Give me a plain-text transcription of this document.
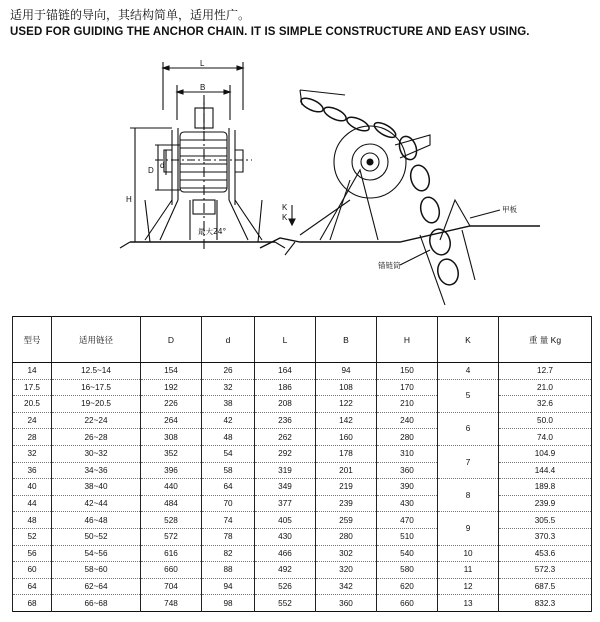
适用于锚链的导向，其结构简单，适用性广。
USED FOR GUIDING THE ANCHOR CHAIN. IT IS SIMPLE CONSTRUCTURE AND EASY USING.
L
B
D
d
H
K
K
最大24°
甲板
锚链筒
型号	适用链径	D	d	L	B	H	K	重 量 Kg
14	12.5~14	154	26	164	94	150	4	12.7
17.5	16~17.5	192	32	186	108	170	5	21.0
20.5	19~20.5	226	38	208	122	210		32.6
24	22~24	264	42	236	142	240	6	50.0
28	26~28	308	48	262	160	280		74.0
32	30~32	352	54	292	178	310	7	104.9
36	34~36	396	58	319	201	360		144.4
40	38~40	440	64	349	219	390	8	189.8
44	42~44	484	70	377	239	430		239.9
48	46~48	528	74	405	259	470	9	305.5
52	50~52	572	78	430	280	510		370.3
56	54~56	616	82	466	302	540	10	453.6
60	58~60	660	88	492	320	580	11	572.3
64	62~64	704	94	526	342	620	12	687.5
68	66~68	748	98	552	360	660	13	832.3
